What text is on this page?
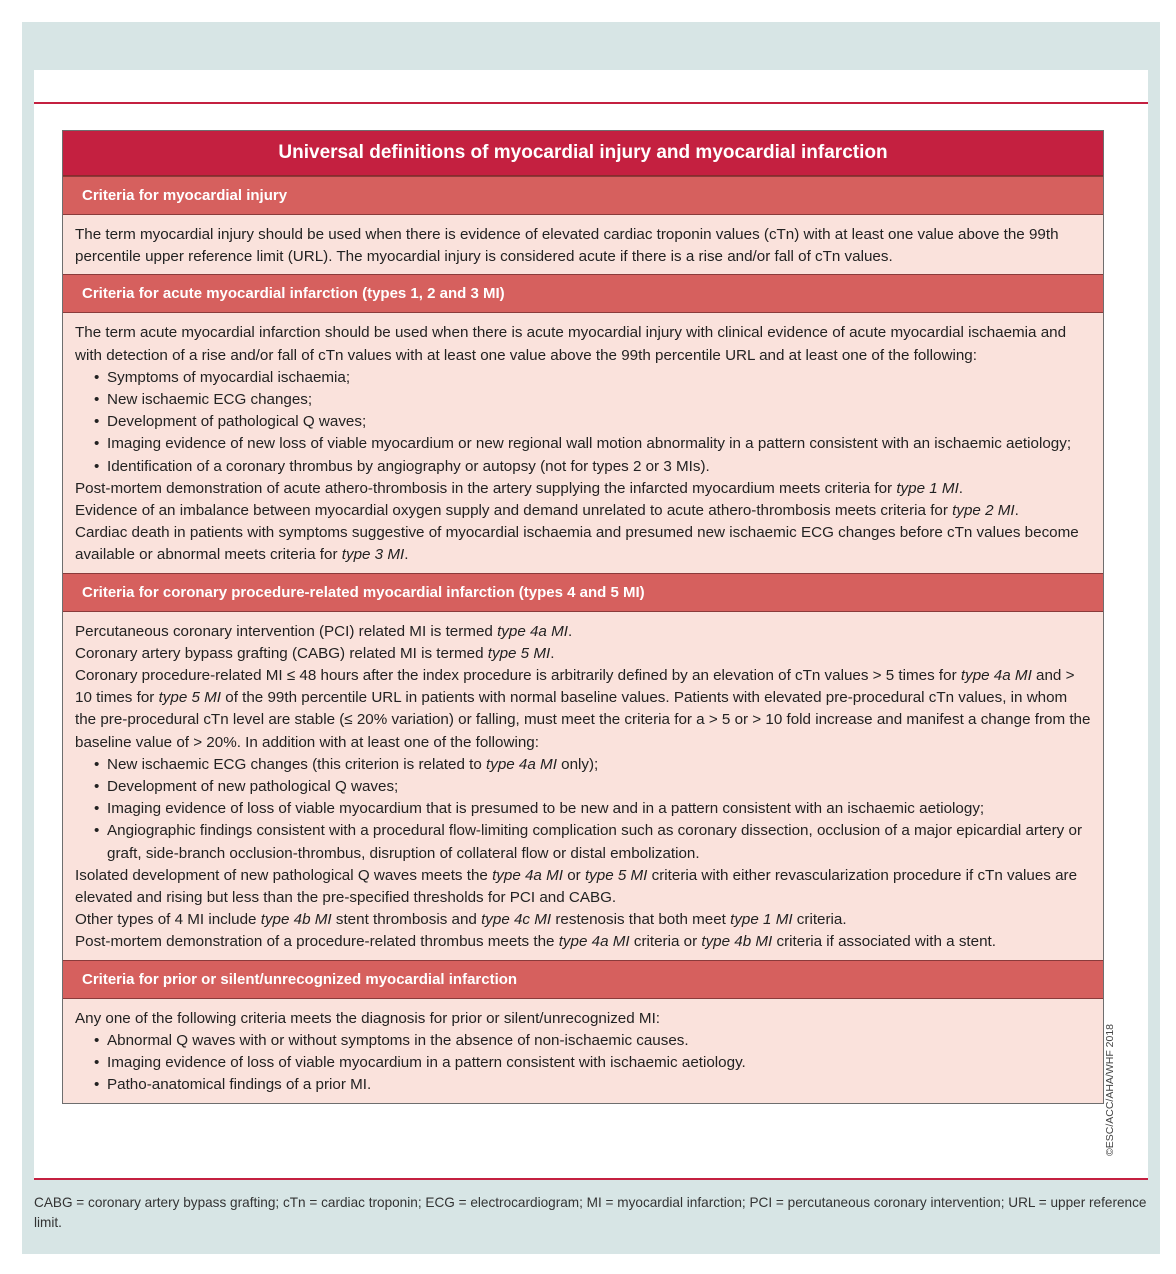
Universal definitions of myocardial injury and myocardial infarction
Criteria for myocardial injury

The term myocardial injury should be used when there is evidence of elevated cardiac troponin values (cTn) with at least one value above the 99th percentile upper reference limit (URL). The myocardial injury is considered acute if there is a rise and/or fall of cTn values.

Criteria for acute myocardial infarction (types 1, 2 and 3 MI)

The term acute myocardial infarction should be used when there is acute myocardial injury with clinical evidence of acute myocardial ischaemia and with detection of a rise and/or fall of cTn values with at least one value above the 99th percentile URL and at least one of the following:

• Symptoms of myocardial ischaemia;
• New ischaemic ECG changes;
• Development of pathological Q waves;
• Imaging evidence of new loss of viable myocardium or new regional wall motion abnormality in a pattern consistent with an ischaemic aetiology;
• Identification of a coronary thrombus by angiography or autopsy (not for types 2 or 3 MIs).

Post-mortem demonstration of acute athero-thrombosis in the artery supplying the infarcted myocardium meets criteria for type 1 MI.

Evidence of an imbalance between myocardial oxygen supply and demand unrelated to acute athero-thrombosis meets criteria for type 2 MI.

Cardiac death in patients with symptoms suggestive of myocardial ischaemia and presumed new ischaemic ECG changes before cTn values become available or abnormal meets criteria for type 3 MI.

Criteria for coronary procedure-related myocardial infarction (types 4 and 5 MI)

Percutaneous coronary intervention (PCI) related MI is termed type 4a MI.

Coronary artery bypass grafting (CABG) related MI is termed type 5 MI.

Coronary procedure-related MI ≤ 48 hours after the index procedure is arbitrarily defined by an elevation of cTn values > 5 times for type 4a MI and > 10 times for type 5 MI of the 99th percentile URL in patients with normal baseline values. Patients with elevated pre-procedural cTn values, in whom the pre-procedural cTn level are stable (≤ 20% variation) or falling, must meet the criteria for a > 5 or > 10 fold increase and manifest a change from the baseline value of > 20%. In addition with at least one of the following:

• New ischaemic ECG changes (this criterion is related to type 4a MI only);
• Development of new pathological Q waves;
• Imaging evidence of loss of viable myocardium that is presumed to be new and in a pattern consistent with an ischaemic aetiology;
• Angiographic findings consistent with a procedural flow-limiting complication such as coronary dissection, occlusion of a major epicardial artery or graft, side-branch occlusion-thrombus, disruption of collateral flow or distal embolization.

Isolated development of new pathological Q waves meets the type 4a MI or type 5 MI criteria with either revascularization procedure if cTn values are elevated and rising but less than the pre-specified thresholds for PCI and CABG.

Other types of 4 MI include type 4b MI stent thrombosis and type 4c MI restenosis that both meet type 1 MI criteria.

Post-mortem demonstration of a procedure-related thrombus meets the type 4a MI criteria or type 4b MI criteria if associated with a stent.

Criteria for prior or silent/unrecognized myocardial infarction

Any one of the following criteria meets the diagnosis for prior or silent/unrecognized MI:

• Abnormal Q waves with or without symptoms in the absence of non-ischaemic causes.
• Imaging evidence of loss of viable myocardium in a pattern consistent with ischaemic aetiology.
• Patho-anatomical findings of a prior MI.	©ESC/ACC/AHA/WHF 2018
CABG = coronary artery bypass grafting; cTn = cardiac troponin; ECG = electrocardiogram; MI = myocardial infarction; PCI = percutaneous coronary intervention; URL = upper reference limit.
